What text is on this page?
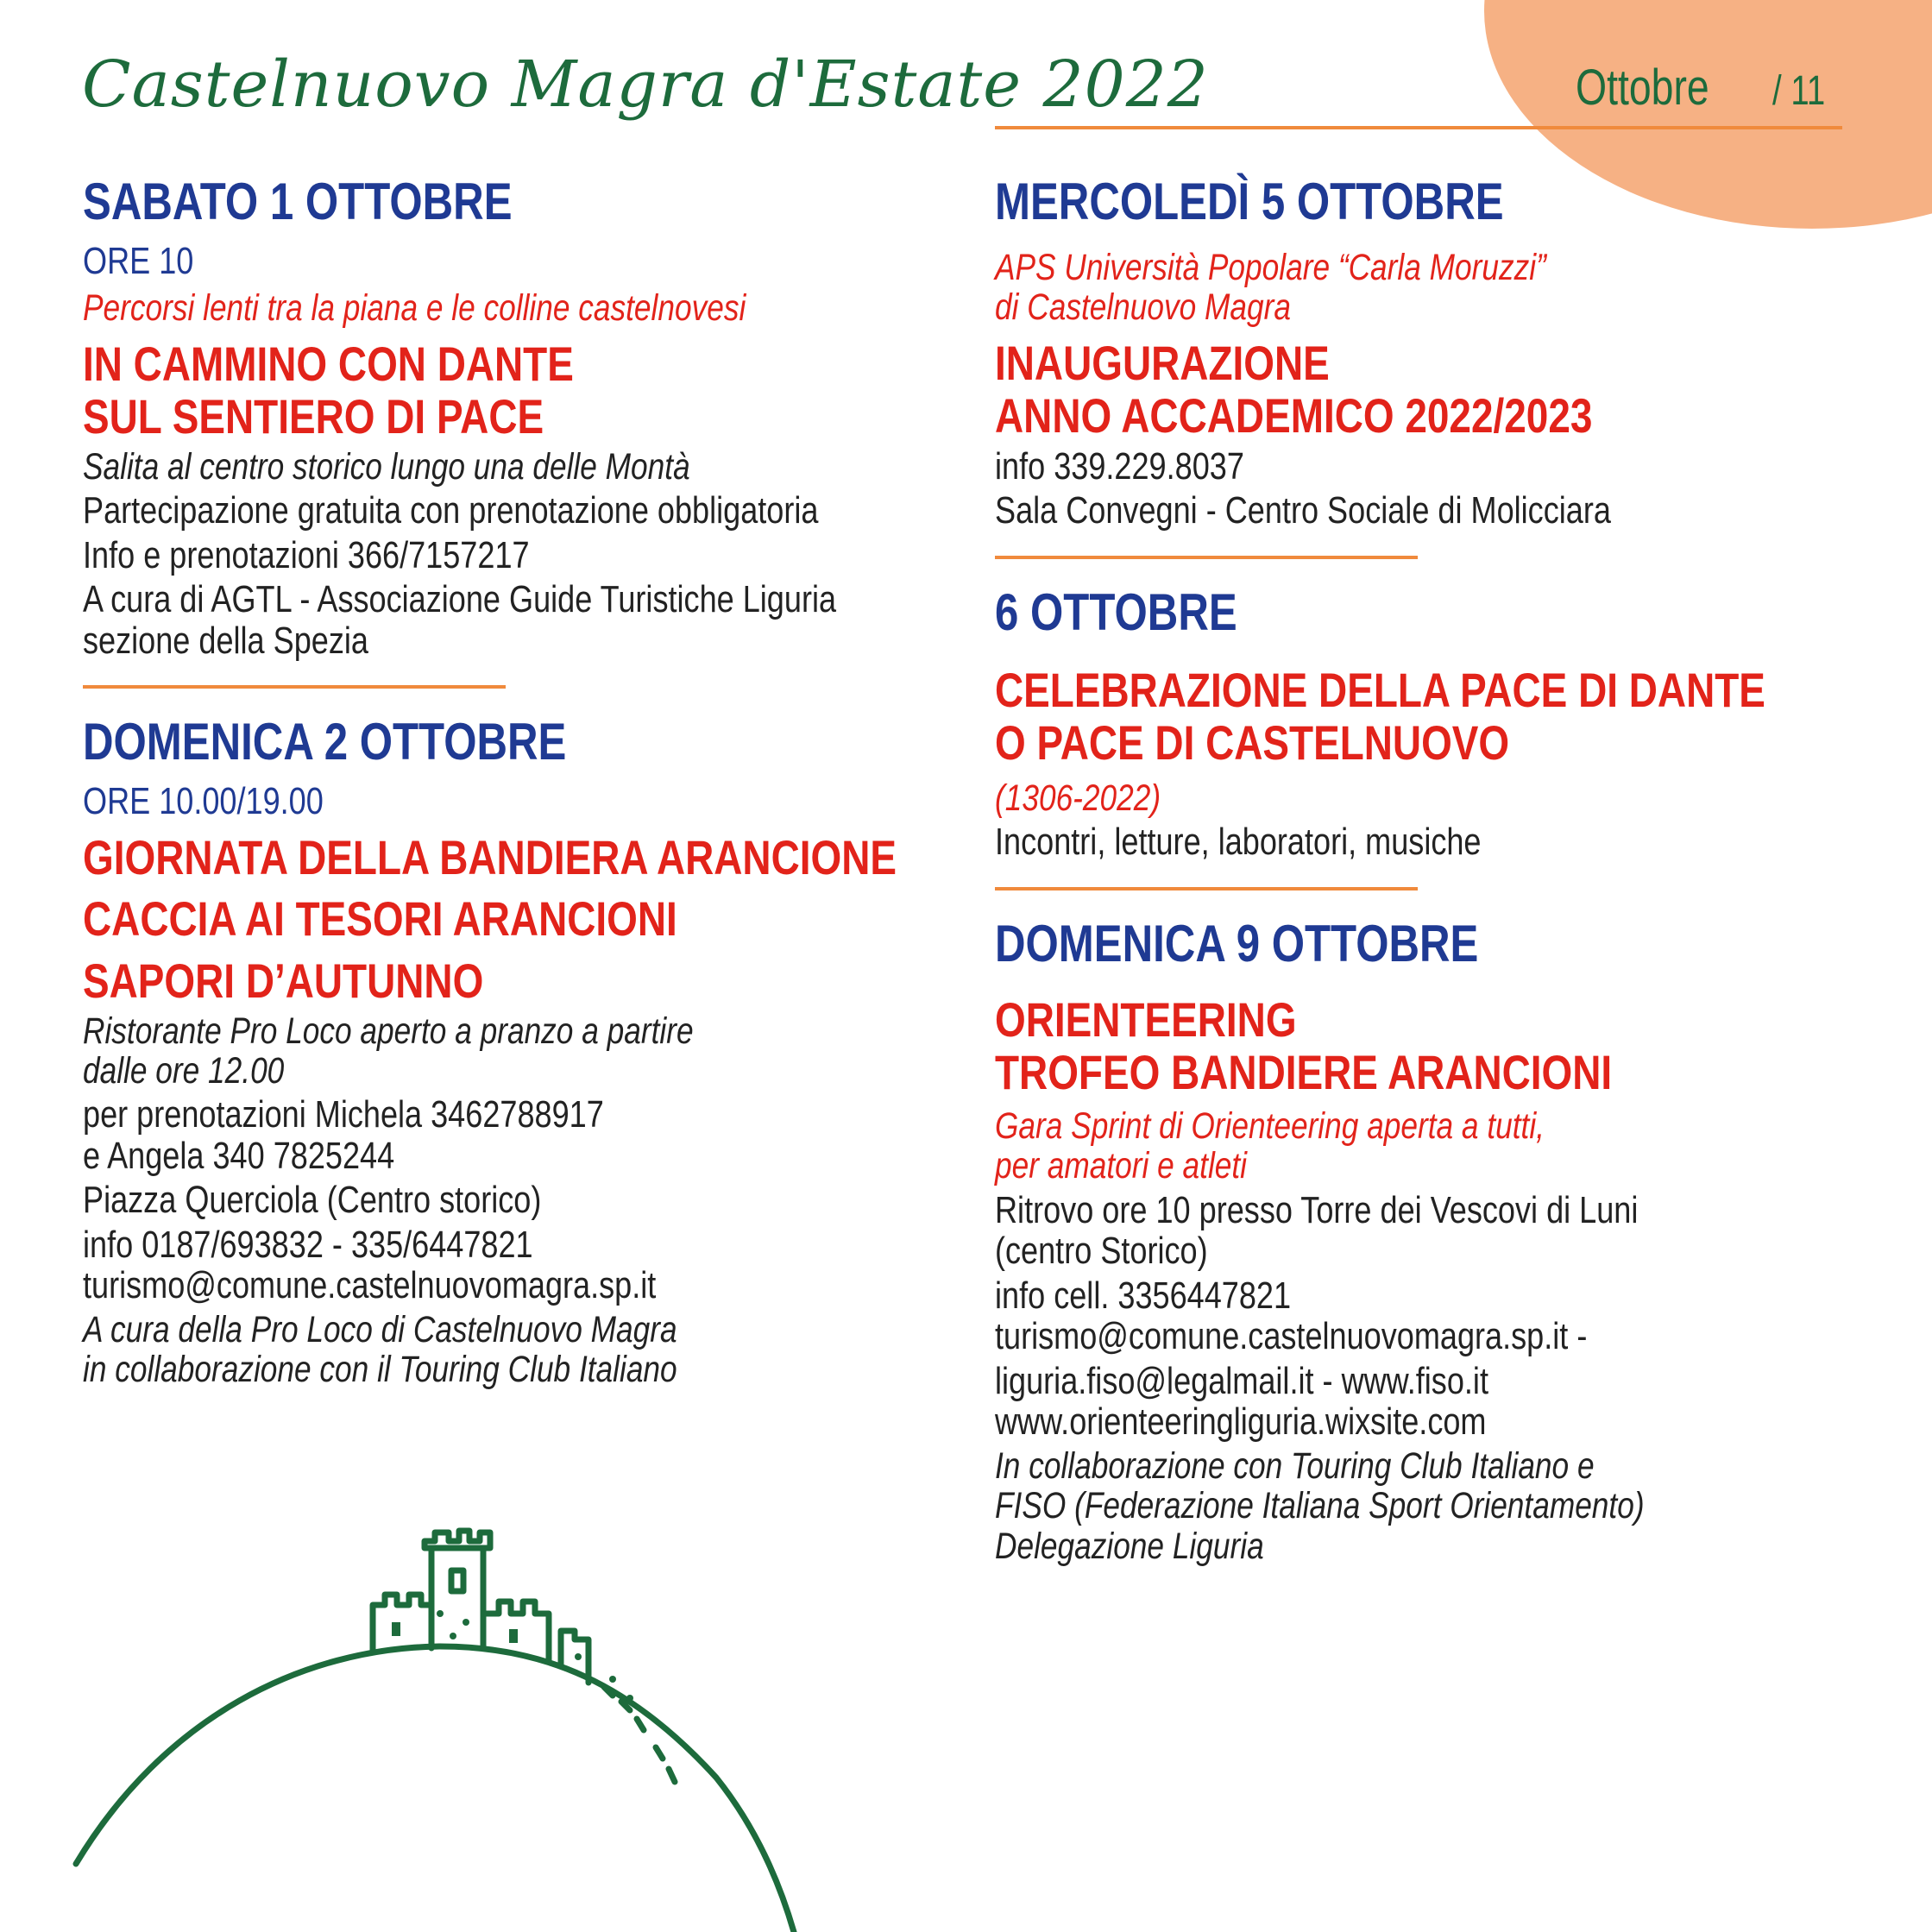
Castelnuovo Magra d'Estate 2022	Ottobre / 11
SABATO 1 OTTOBRE
ORE 10
Percorsi lenti tra la piana e le colline castelnovesi
IN CAMMINO CON DANTE
SUL SENTIERO DI PACE
Salita al centro storico lungo una delle Montà
Partecipazione gratuita con prenotazione obbligatoria
Info e prenotazioni 366/7157217
A cura di AGTL - Associazione Guide Turistiche Liguria
sezione della Spezia
DOMENICA 2 OTTOBRE
ORE 10.00/19.00
GIORNATA DELLA BANDIERA ARANCIONE
CACCIA AI TESORI ARANCIONI
SAPORI D’AUTUNNO
Ristorante Pro Loco aperto a pranzo a partire
dalle ore 12.00
per prenotazioni Michela 3462788917
e Angela 340 7825244
Piazza Querciola (Centro storico)
info 0187/693832 - 335/6447821
turismo@comune.castelnuovomagra.sp.it
A cura della Pro Loco di Castelnuovo Magra
in collaborazione con il Touring Club Italiano
MERCOLEDÌ 5 OTTOBRE
APS Università Popolare “Carla Moruzzi”
di Castelnuovo Magra
INAUGURAZIONE
ANNO ACCADEMICO 2022/2023
info 339.229.8037
Sala Convegni - Centro Sociale di Molicciara
6 OTTOBRE
CELEBRAZIONE DELLA PACE DI DANTE
O PACE DI CASTELNUOVO
(1306-2022)
Incontri, letture, laboratori, musiche
DOMENICA 9 OTTOBRE
ORIENTEERING
TROFEO BANDIERE ARANCIONI
Gara Sprint di Orienteering aperta a tutti,
per amatori e atleti
Ritrovo ore 10 presso Torre dei Vescovi di Luni
(centro Storico)
info cell. 3356447821
turismo@comune.castelnuovomagra.sp.it -
liguria.fiso@legalmail.it - www.fiso.it
www.orienteeringliguria.wixsite.com
In collaborazione con Touring Club Italiano e
FISO (Federazione Italiana Sport Orientamento)
Delegazione Liguria
